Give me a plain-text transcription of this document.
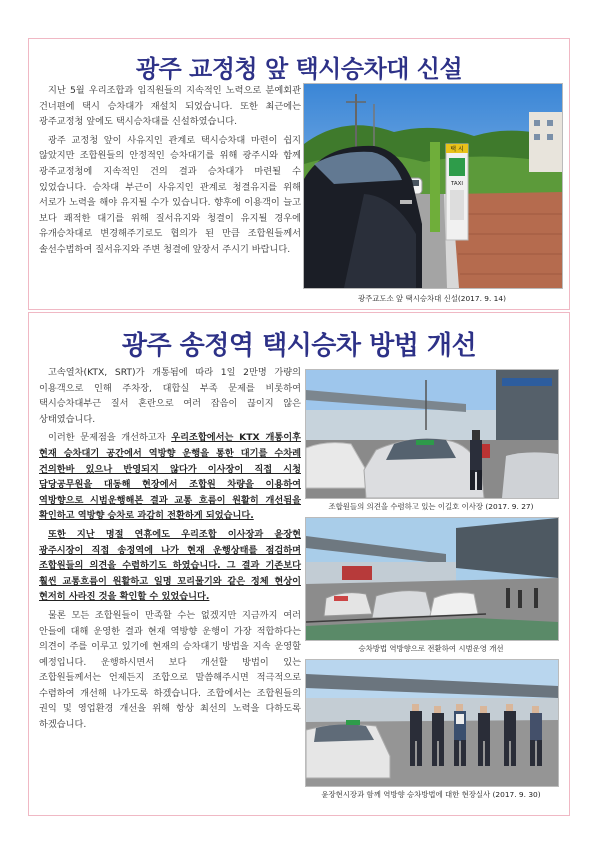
광주 교정청 앞 택시승차대 신설

지난 5월 우리조합과 임직원들의 지속적인 노력으로 분예회관 건너편에 택시 승차대가 재설치 되었습니다. 또한 최근에는 광주교정청 앞에도 택시승차대를 신설하였습니다.

광주 교정청 앞이 사유지인 관계로 택시승차대 마련이 쉽지 않았지만 조합원들의 안정적인 승차대기를 위해 광주시와 함께 광주교정청에 지속적인 건의 결과 승차대가 마련될 수 있었습니다. 승차대 부근이 사유지인 관계로 청결유지를 위해 서로가 노력을 해야 유지될 수가 있습니다. 향후에 이용객이 늘고 보다 쾌적한 대기를 위해 질서유지와 청결이 유지될 경우에 유개승차대로 변경해주기로도 협의가 된 만큼 조합원들께서 솔선수범하여 질서유지와 주변 청결에 앞장서 주시기 바랍니다.

택 시
TAXI
광주교도소 앞 택시승차대 신설(2017. 9. 14)
광주 송정역 택시승차 방법 개선

고속열차(KTX, SRT)가 개통됨에 따라 1일 2만명 가량의 이용객으로 인해 주차장, 대합실 부족 문제를 비롯하여 택시승차대부근 질서 혼란으로 여러 잡음이 끊이지 않은 상태였습니다.

이러한 문제점을 개선하고자 우리조합에서는 KTX 개통이후 현재 승차대기 공간에서 역방향 운행을 통한 대기를 수차례 건의한바 있으나 반영되지 않다가 이사장이 직접 시청 담당공무원을 대동해 현장에서 조합원 차량을 이용하여 역방향으로 시범운행해본 결과 교통 흐름이 원활히 개선됨을 확인하고 역방향 승차로 과감히 전환하게 되었습니다.

또한 지난 명절 연휴에도 우리조합 이사장과 윤장현 광주시장이 직접 송정역에 나가 현재 운행상태를 점검하며 조합원들의 의견을 수렴하기도 하였습니다. 그 결과 기존보다 훨씬 교통흐름이 원활하고 일명 꼬리물기와 같은 정체 현상이 현저히 사라진 것을 확인할 수 있었습니다.

물론 모든 조합원들이 만족할 수는 없겠지만 지금까지 여러 안들에 대해 운영한 결과 현재 역방향 운행이 가장 적합하다는 의견이 주를 이루고 있기에 현재의 승차대기 방법을 지속 운영할 예정입니다. 운행하시면서 보다 개선할 방법이 있는 조합원들께서는 언제든지 조합으로 말씀해주시면 적극적으로 수렴하여 개선해 나가도록 하겠습니다. 조합에서는 조합원들의 권익 및 영업환경 개선을 위해 항상 최선의 노력을 다하도록 하겠습니다.

조합원들의 의견을 수렴하고 있는 이길호 이사장 (2017. 9. 27)
승차방법 역방향으로 전환하여 시범운영 개선
윤장현시장과 함께 역방향 승차방법에 대한 현장실사 (2017. 9. 30)
